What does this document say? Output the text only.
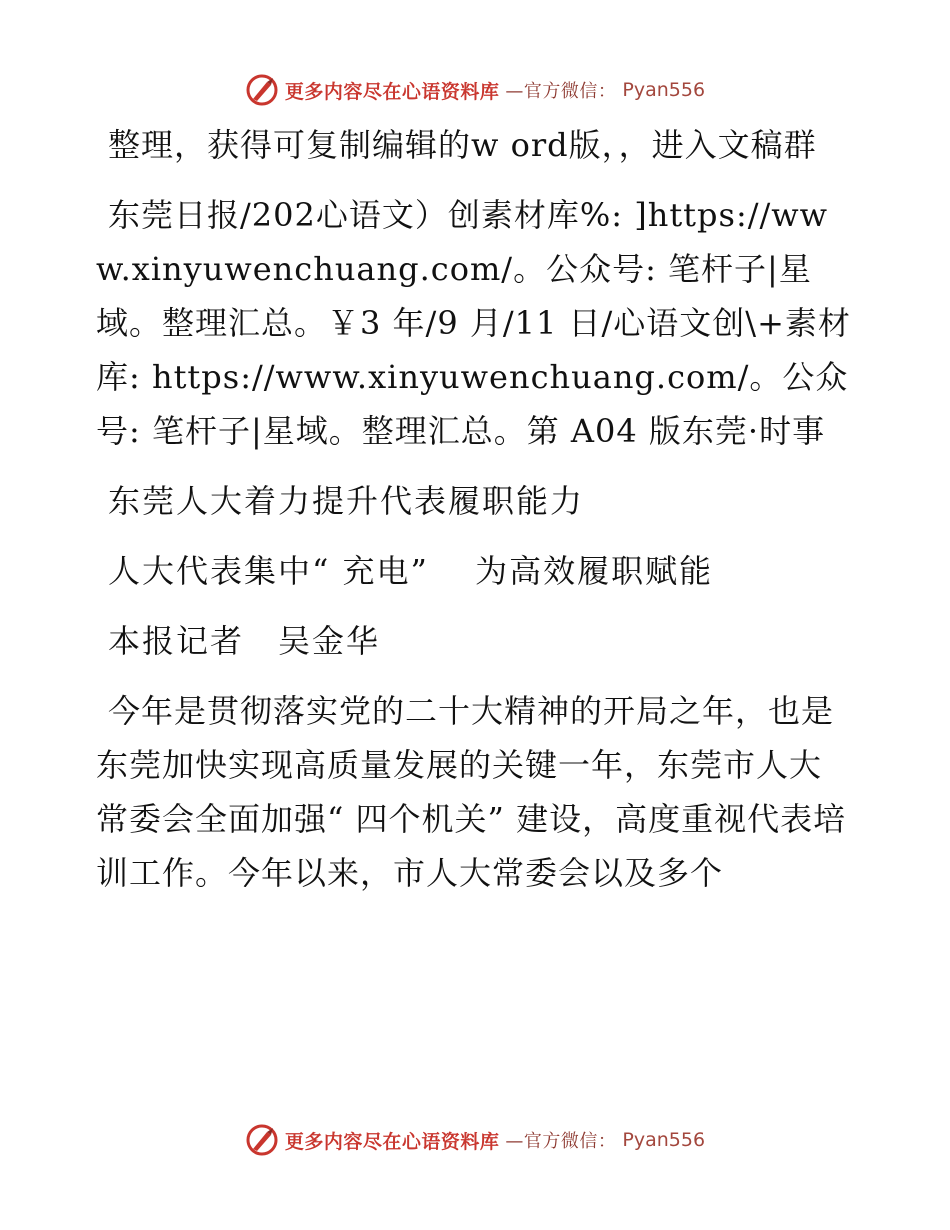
更多内容尽在心语资料库 —官方微信： Pyan556

整理，获得可复制编辑的w ord版，，进入文稿群

东莞日报/202心语文）创素材库%: ]https://www.xinyuwenchuang.com/。公众号: 笔杆子|星域。整理汇总。￥3 年/9 月/11 日/心语文创\+素材库: https://www.xinyuwenchuang.com/。公众号: 笔杆子|星域。整理汇总。第 A04 版东莞·时事

东莞人大着力提升代表履职能力

人大代表集中“ 充电”　 为高效履职赋能

本报记者　吴金华

今年是贯彻落实党的二十大精神的开局之年，也是东莞加快实现高质量发展的关键一年，东莞市人大常委会全面加强“ 四个机关” 建设，高度重视代表培训工作。今年以来，市人大常委会以及多个

更多内容尽在心语资料库 —官方微信： Pyan556
